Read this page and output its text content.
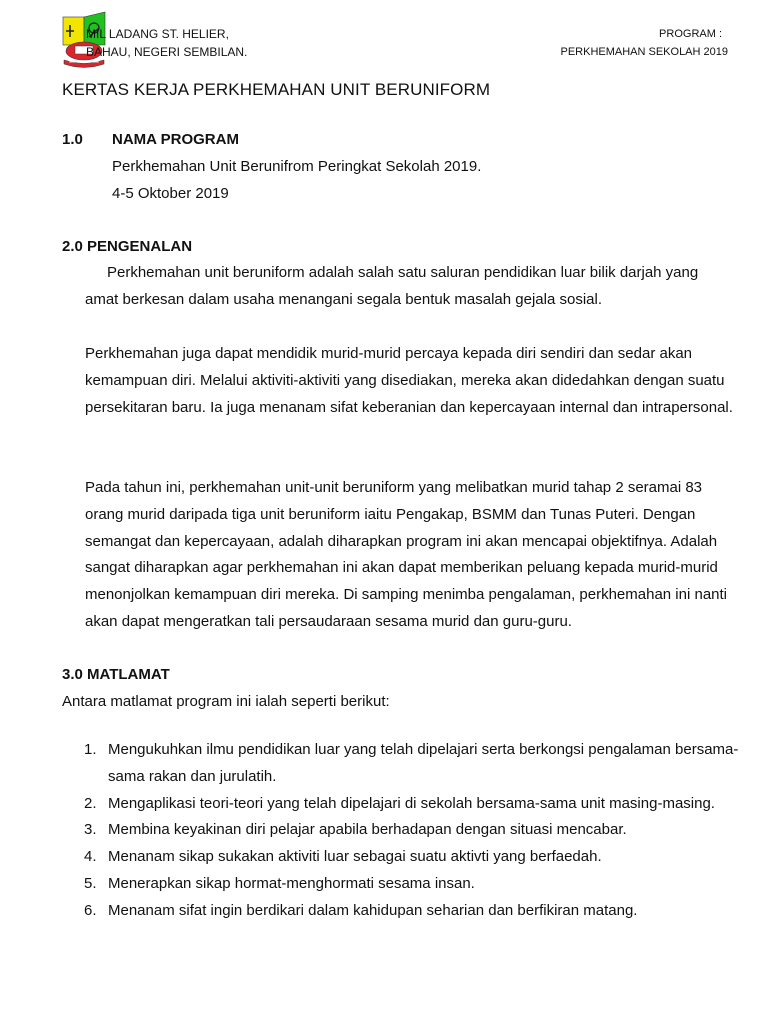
MIL LADANG ST. HELIER,
BAHAU, NEGERI SEMBILAN.
PROGRAM :
PERKHEMAHAN SEKOLAH 2019
KERTAS KERJA PERKHEMAHAN UNIT BERUNIFORM
1.0 NAMA PROGRAM
Perkhemahan Unit Berunifrom Peringkat Sekolah 2019.
4-5 Oktober 2019
2.0 PENGENALAN

Perkhemahan unit beruniform adalah salah satu saluran pendidikan luar bilik darjah yang amat berkesan dalam usaha menangani segala bentuk masalah gejala sosial.

Perkhemahan juga dapat mendidik murid-murid percaya kepada diri sendiri dan sedar akan kemampuan diri. Melalui aktiviti-aktiviti yang disediakan, mereka akan didedahkan dengan suatu persekitaran baru. Ia juga menanam sifat keberanian dan kepercayaan internal dan intrapersonal.

Pada tahun ini, perkhemahan unit-unit beruniform yang melibatkan murid tahap 2 seramai 83 orang murid daripada tiga unit beruniform iaitu Pengakap, BSMM dan Tunas Puteri. Dengan semangat dan kepercayaan, adalah diharapkan program ini akan mencapai objektifnya. Adalah sangat diharapkan agar perkhemahan ini akan dapat memberikan peluang kepada murid-murid menonjolkan kemampuan diri mereka. Di samping menimba pengalaman, perkhemahan ini nanti akan dapat mengeratkan tali persaudaraan sesama murid dan guru-guru.

3.0 MATLAMAT
Antara matlamat program ini ialah seperti berikut:
1. Mengukuhkan ilmu pendidikan luar yang telah dipelajari serta berkongsi pengalaman bersama-sama rakan dan jurulatih.
2. Mengaplikasi teori-teori yang telah dipelajari di sekolah bersama-sama unit masing-masing.
3. Membina keyakinan diri pelajar apabila berhadapan dengan situasi mencabar.
4. Menanam sikap sukakan aktiviti luar sebagai suatu aktivti yang berfaedah.
5. Menerapkan sikap hormat-menghormati sesama insan.
6. Menanam sifat ingin berdikari dalam kahidupan seharian dan berfikiran matang.
